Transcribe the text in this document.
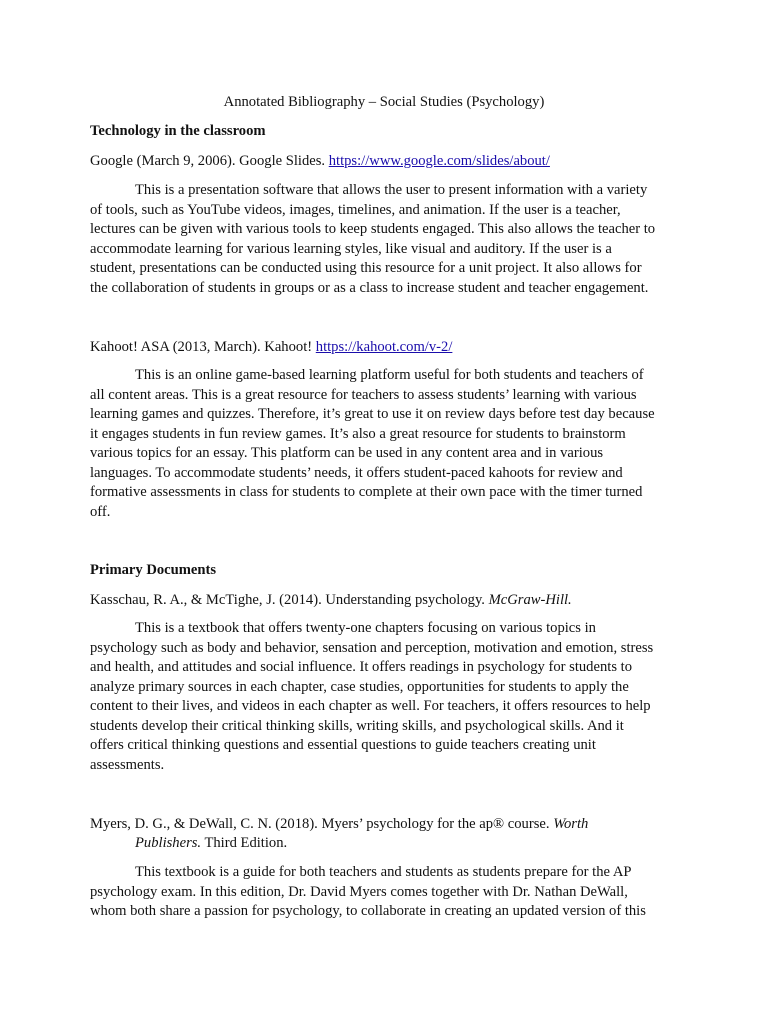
Annotated Bibliography – Social Studies (Psychology)
Technology in the classroom
Google (March 9, 2006). Google Slides. https://www.google.com/slides/about/
This is a presentation software that allows the user to present information with a variety
of tools, such as YouTube videos, images, timelines, and animation. If the user is a teacher,
lectures can be given with various tools to keep students engaged. This also allows the teacher to
accommodate learning for various learning styles, like visual and auditory. If the user is a
student, presentations can be conducted using this resource for a unit project. It also allows for
the collaboration of students in groups or as a class to increase student and teacher engagement.
Kahoot! ASA (2013, March). Kahoot! https://kahoot.com/v-2/
This is an online game-based learning platform useful for both students and teachers of
all content areas. This is a great resource for teachers to assess students’ learning with various
learning games and quizzes. Therefore, it’s great to use it on review days before test day because
it engages students in fun review games. It’s also a great resource for students to brainstorm
various topics for an essay. This platform can be used in any content area and in various
languages. To accommodate students’ needs, it offers student-paced kahoots for review and
formative assessments in class for students to complete at their own pace with the timer turned
off.
Primary Documents
Kasschau, R. A., & McTighe, J. (2014). Understanding psychology. McGraw-Hill.
This is a textbook that offers twenty-one chapters focusing on various topics in
psychology such as body and behavior, sensation and perception, motivation and emotion, stress
and health, and attitudes and social influence. It offers readings in psychology for students to
analyze primary sources in each chapter, case studies, opportunities for students to apply the
content to their lives, and videos in each chapter as well. For teachers, it offers resources to help
students develop their critical thinking skills, writing skills, and psychological skills. And it
offers critical thinking questions and essential questions to guide teachers creating unit
assessments.
Myers, D. G., & DeWall, C. N. (2018). Myers’ psychology for the ap® course. Worth
Publishers. Third Edition.
This textbook is a guide for both teachers and students as students prepare for the AP
psychology exam. In this edition, Dr. David Myers comes together with Dr. Nathan DeWall,
whom both share a passion for psychology, to collaborate in creating an updated version of this
